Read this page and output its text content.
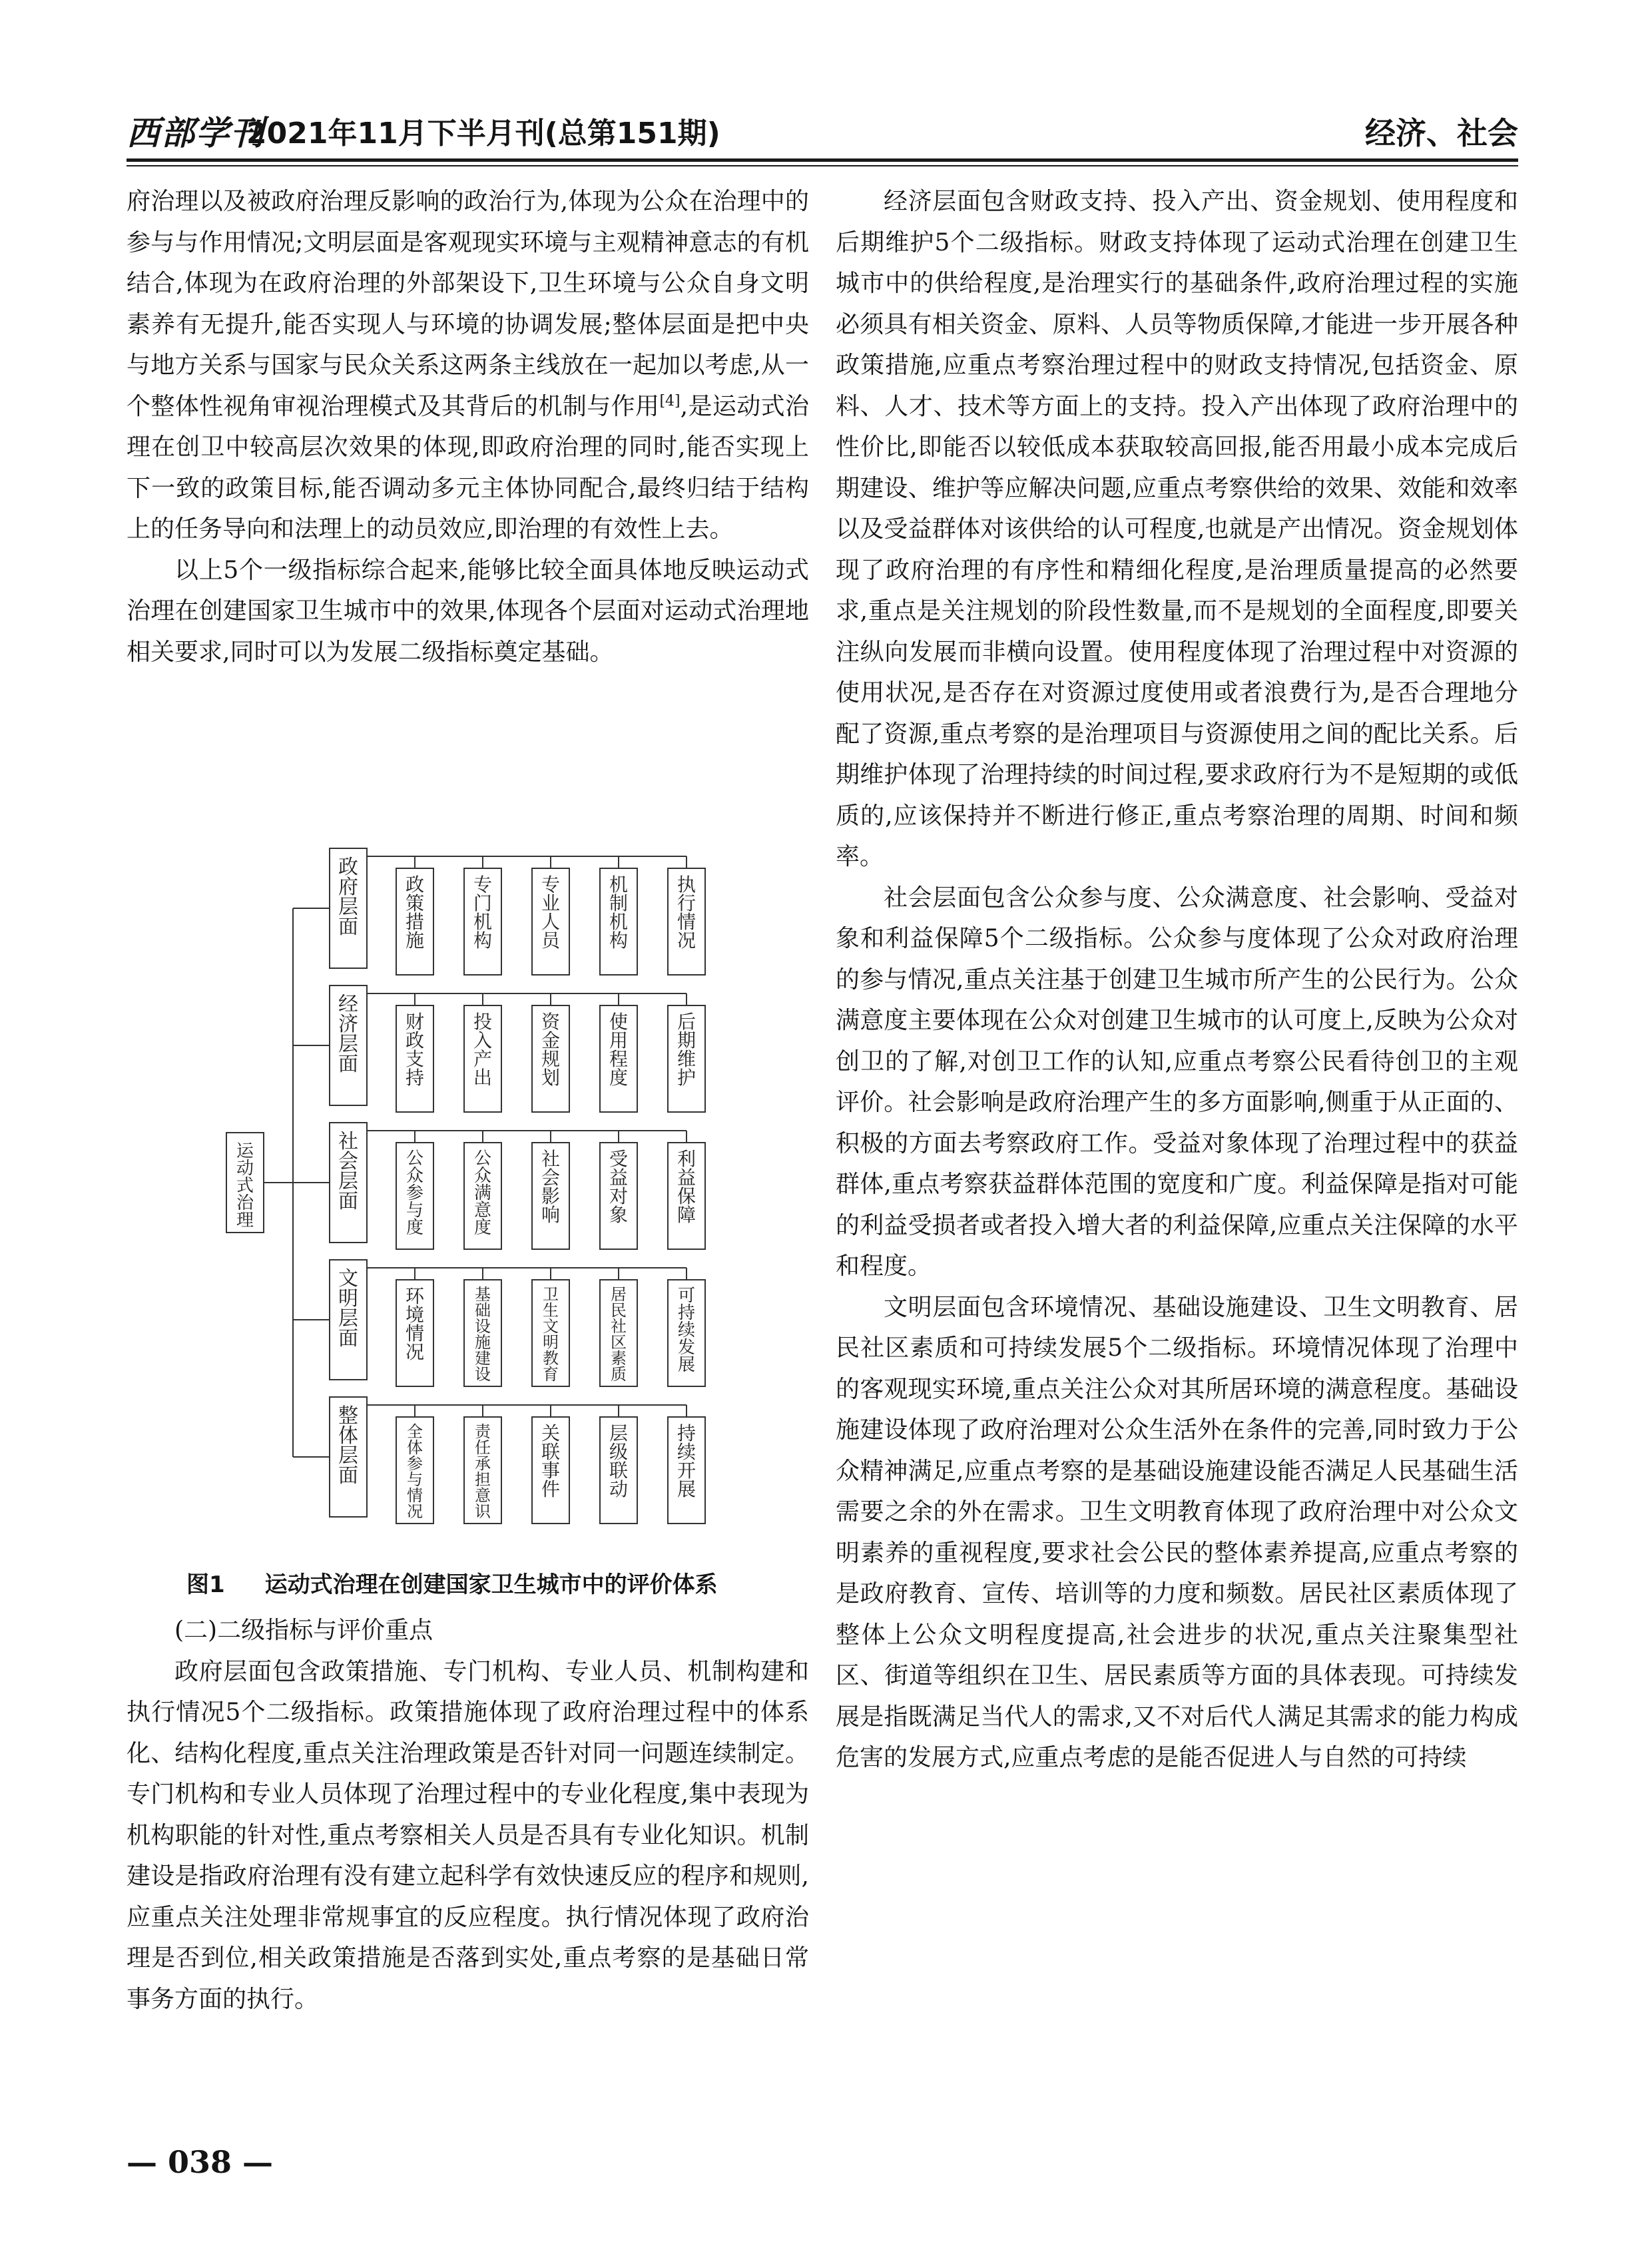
西部学刊
2021年11月下半月刊(总第151期)	经济、社会

府治理以及被政府治理反影响的政治行为,体现为公众在治理中的参与与作用情况;文明层面是客观现实环境与主观精神意志的有机结合,体现为在政府治理的外部架设下,卫生环境与公众自身文明素养有无提升,能否实现人与环境的协调发展;整体层面是把中央与地方关系与国家与民众关系这两条主线放在一起加以考虑,从一个整体性视角审视治理模式及其背后的机制与作用[4],是运动式治理在创卫中较高层次效果的体现,即政府治理的同时,能否实现上下一致的政策目标,能否调动多元主体协同配合,最终归结于结构上的任务导向和法理上的动员效应,即治理的有效性上去。

以上5个一级指标综合起来,能够比较全面具体地反映运动式治理在创建国家卫生城市中的效果,体现各个层面对运动式治理地相关要求,同时可以为发展二级指标奠定基础。

政
府
层
面
政
策
措
施
专
门
机
构
专
业
人
员
机
制
机
构
执
行
情
况
经
济
层
面
财
政
支
持
投
入
产
出
资
金
规
划
使
用
程
度
后
期
维
护
社
会
层
面
公
众
参
与
度
公
众
满
意
度
社
会
影
响
受
益
对
象
利
益
保
障
文
明
层
面
环
境
情
况
基
础
设
施
建
设
卫
生
文
明
教
育
居
民
社
区
素
质
可
持
续
发
展
整
体
层
面
全
体
参
与
情
况
责
任
承
担
意
识
关
联
事
件
层
级
联
动
持
续
开
展
运
动
式
治
理
图1 运动式治理在创建国家卫生城市中的评价体系

(二)二级指标与评价重点

政府层面包含政策措施、专门机构、专业人员、机制构建和执行情况5个二级指标。政策措施体现了政府治理过程中的体系化、结构化程度,重点关注治理政策是否针对同一问题连续制定。专门机构和专业人员体现了治理过程中的专业化程度,集中表现为机构职能的针对性,重点考察相关人员是否具有专业化知识。机制建设是指政府治理有没有建立起科学有效快速反应的程序和规则,应重点关注处理非常规事宜的反应程度。执行情况体现了政府治理是否到位,相关政策措施是否落到实处,重点考察的是基础日常事务方面的执行。

经济层面包含财政支持、投入产出、资金规划、使用程度和后期维护5个二级指标。财政支持体现了运动式治理在创建卫生城市中的供给程度,是治理实行的基础条件,政府治理过程的实施必须具有相关资金、原料、人员等物质保障,才能进一步开展各种政策措施,应重点考察治理过程中的财政支持情况,包括资金、原料、人才、技术等方面上的支持。投入产出体现了政府治理中的性价比,即能否以较低成本获取较高回报,能否用最小成本完成后期建设、维护等应解决问题,应重点考察供给的效果、效能和效率以及受益群体对该供给的认可程度,也就是产出情况。资金规划体现了政府治理的有序性和精细化程度,是治理质量提高的必然要求,重点是关注规划的阶段性数量,而不是规划的全面程度,即要关注纵向发展而非横向设置。使用程度体现了治理过程中对资源的使用状况,是否存在对资源过度使用或者浪费行为,是否合理地分配了资源,重点考察的是治理项目与资源使用之间的配比关系。后期维护体现了治理持续的时间过程,要求政府行为不是短期的或低质的,应该保持并不断进行修正,重点考察治理的周期、时间和频率。

社会层面包含公众参与度、公众满意度、社会影响、受益对象和利益保障5个二级指标。公众参与度体现了公众对政府治理的参与情况,重点关注基于创建卫生城市所产生的公民行为。公众满意度主要体现在公众对创建卫生城市的认可度上,反映为公众对创卫的了解,对创卫工作的认知,应重点考察公民看待创卫的主观评价。社会影响是政府治理产生的多方面影响,侧重于从正面的、积极的方面去考察政府工作。受益对象体现了治理过程中的获益群体,重点考察获益群体范围的宽度和广度。利益保障是指对可能的利益受损者或者投入增大者的利益保障,应重点关注保障的水平和程度。

文明层面包含环境情况、基础设施建设、卫生文明教育、居民社区素质和可持续发展5个二级指标。环境情况体现了治理中的客观现实环境,重点关注公众对其所居环境的满意程度。基础设施建设体现了政府治理对公众生活外在条件的完善,同时致力于公众精神满足,应重点考察的是基础设施建设能否满足人民基础生活需要之余的外在需求。卫生文明教育体现了政府治理中对公众文明素养的重视程度,要求社会公民的整体素养提高,应重点考察的是政府教育、宣传、培训等的力度和频数。居民社区素质体现了整体上公众文明程度提高,社会进步的状况,重点关注聚集型社区、街道等组织在卫生、居民素质等方面的具体表现。可持续发展是指既满足当代人的需求,又不对后代人满足其需求的能力构成危害的发展方式,应重点考虑的是能否促进人与自然的可持续

— 038 —
